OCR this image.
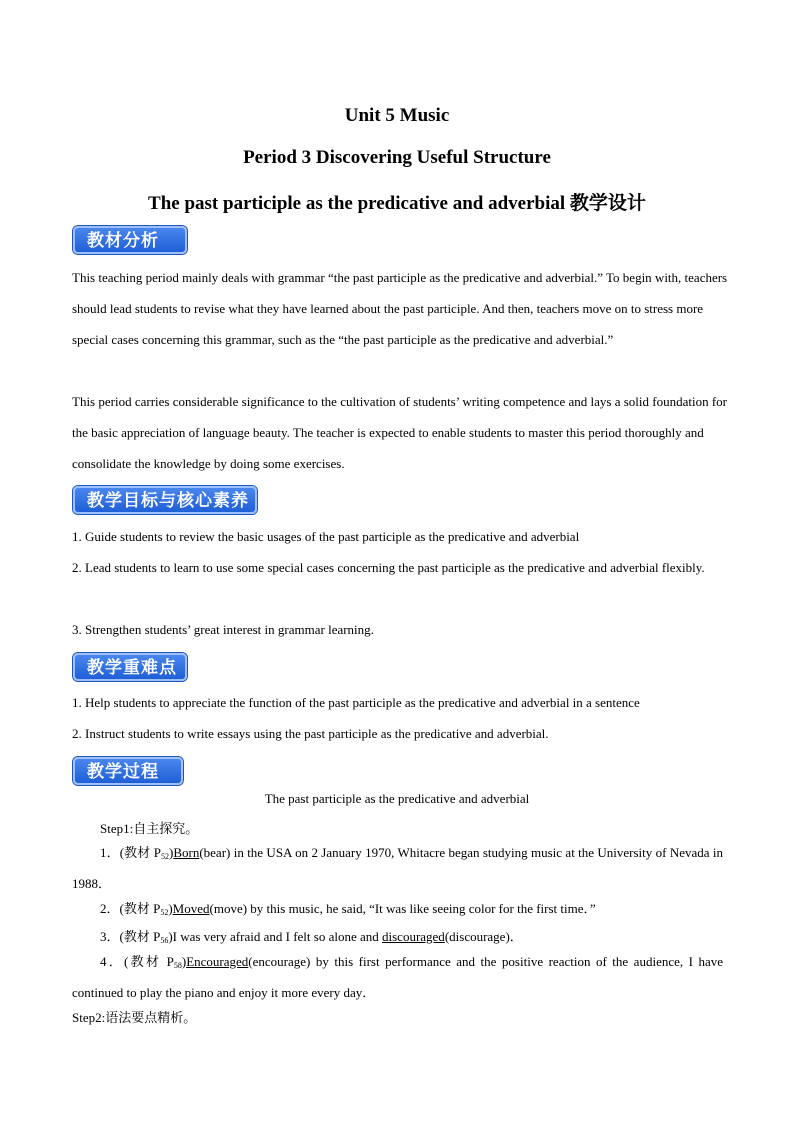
Unit 5 Music
Period 3 Discovering Useful Structure
The past participle as the predicative and adverbial 教学设计
教材分析
This teaching period mainly deals with grammar “the past participle as the predicative and adverbial.” To begin with, teachers should lead students to revise what they have learned about the past participle. And then, teachers move on to stress more special cases concerning this grammar, such as the “the past participle as the predicative and adverbial.”
This period carries considerable significance to the cultivation of students’ writing competence and lays a solid foundation for the basic appreciation of language beauty. The teacher is expected to enable students to master this period thoroughly and consolidate the knowledge by doing some exercises.
教学目标与核心素养
1. Guide students to review the basic usages of the past participle as the predicative and adverbial
2. Lead students to learn to use some special cases concerning the past participle as the predicative and adverbial flexibly.
3. Strengthen students’ great interest in grammar learning.
教学重难点
1. Help students to appreciate the function of the past participle as the predicative and adverbial in a sentence
2. Instruct students to write essays using the past participle as the predicative and adverbial.
教学过程
The past participle as the predicative and adverbial
Step1:自主探究。
1．(教材 $P_{52})Born(bear)$ in the USA on 2 January 1970, Whitacre began studying music at the University of Nevada in 1988．
2．(教材 $P_{52})Moved(move)$ by this music, he said, “It was like seeing color for the first time．”
3．(教材 $P_{56})I$ was very afraid and I felt so alone and discouraged(discourage)．
4．(教材 $P_{58})Encouraged(encourage)$ by this first performance and the positive reaction of the audience, I have continued to play the piano and enjoy it more every day．
Step2:语法要点精析。
